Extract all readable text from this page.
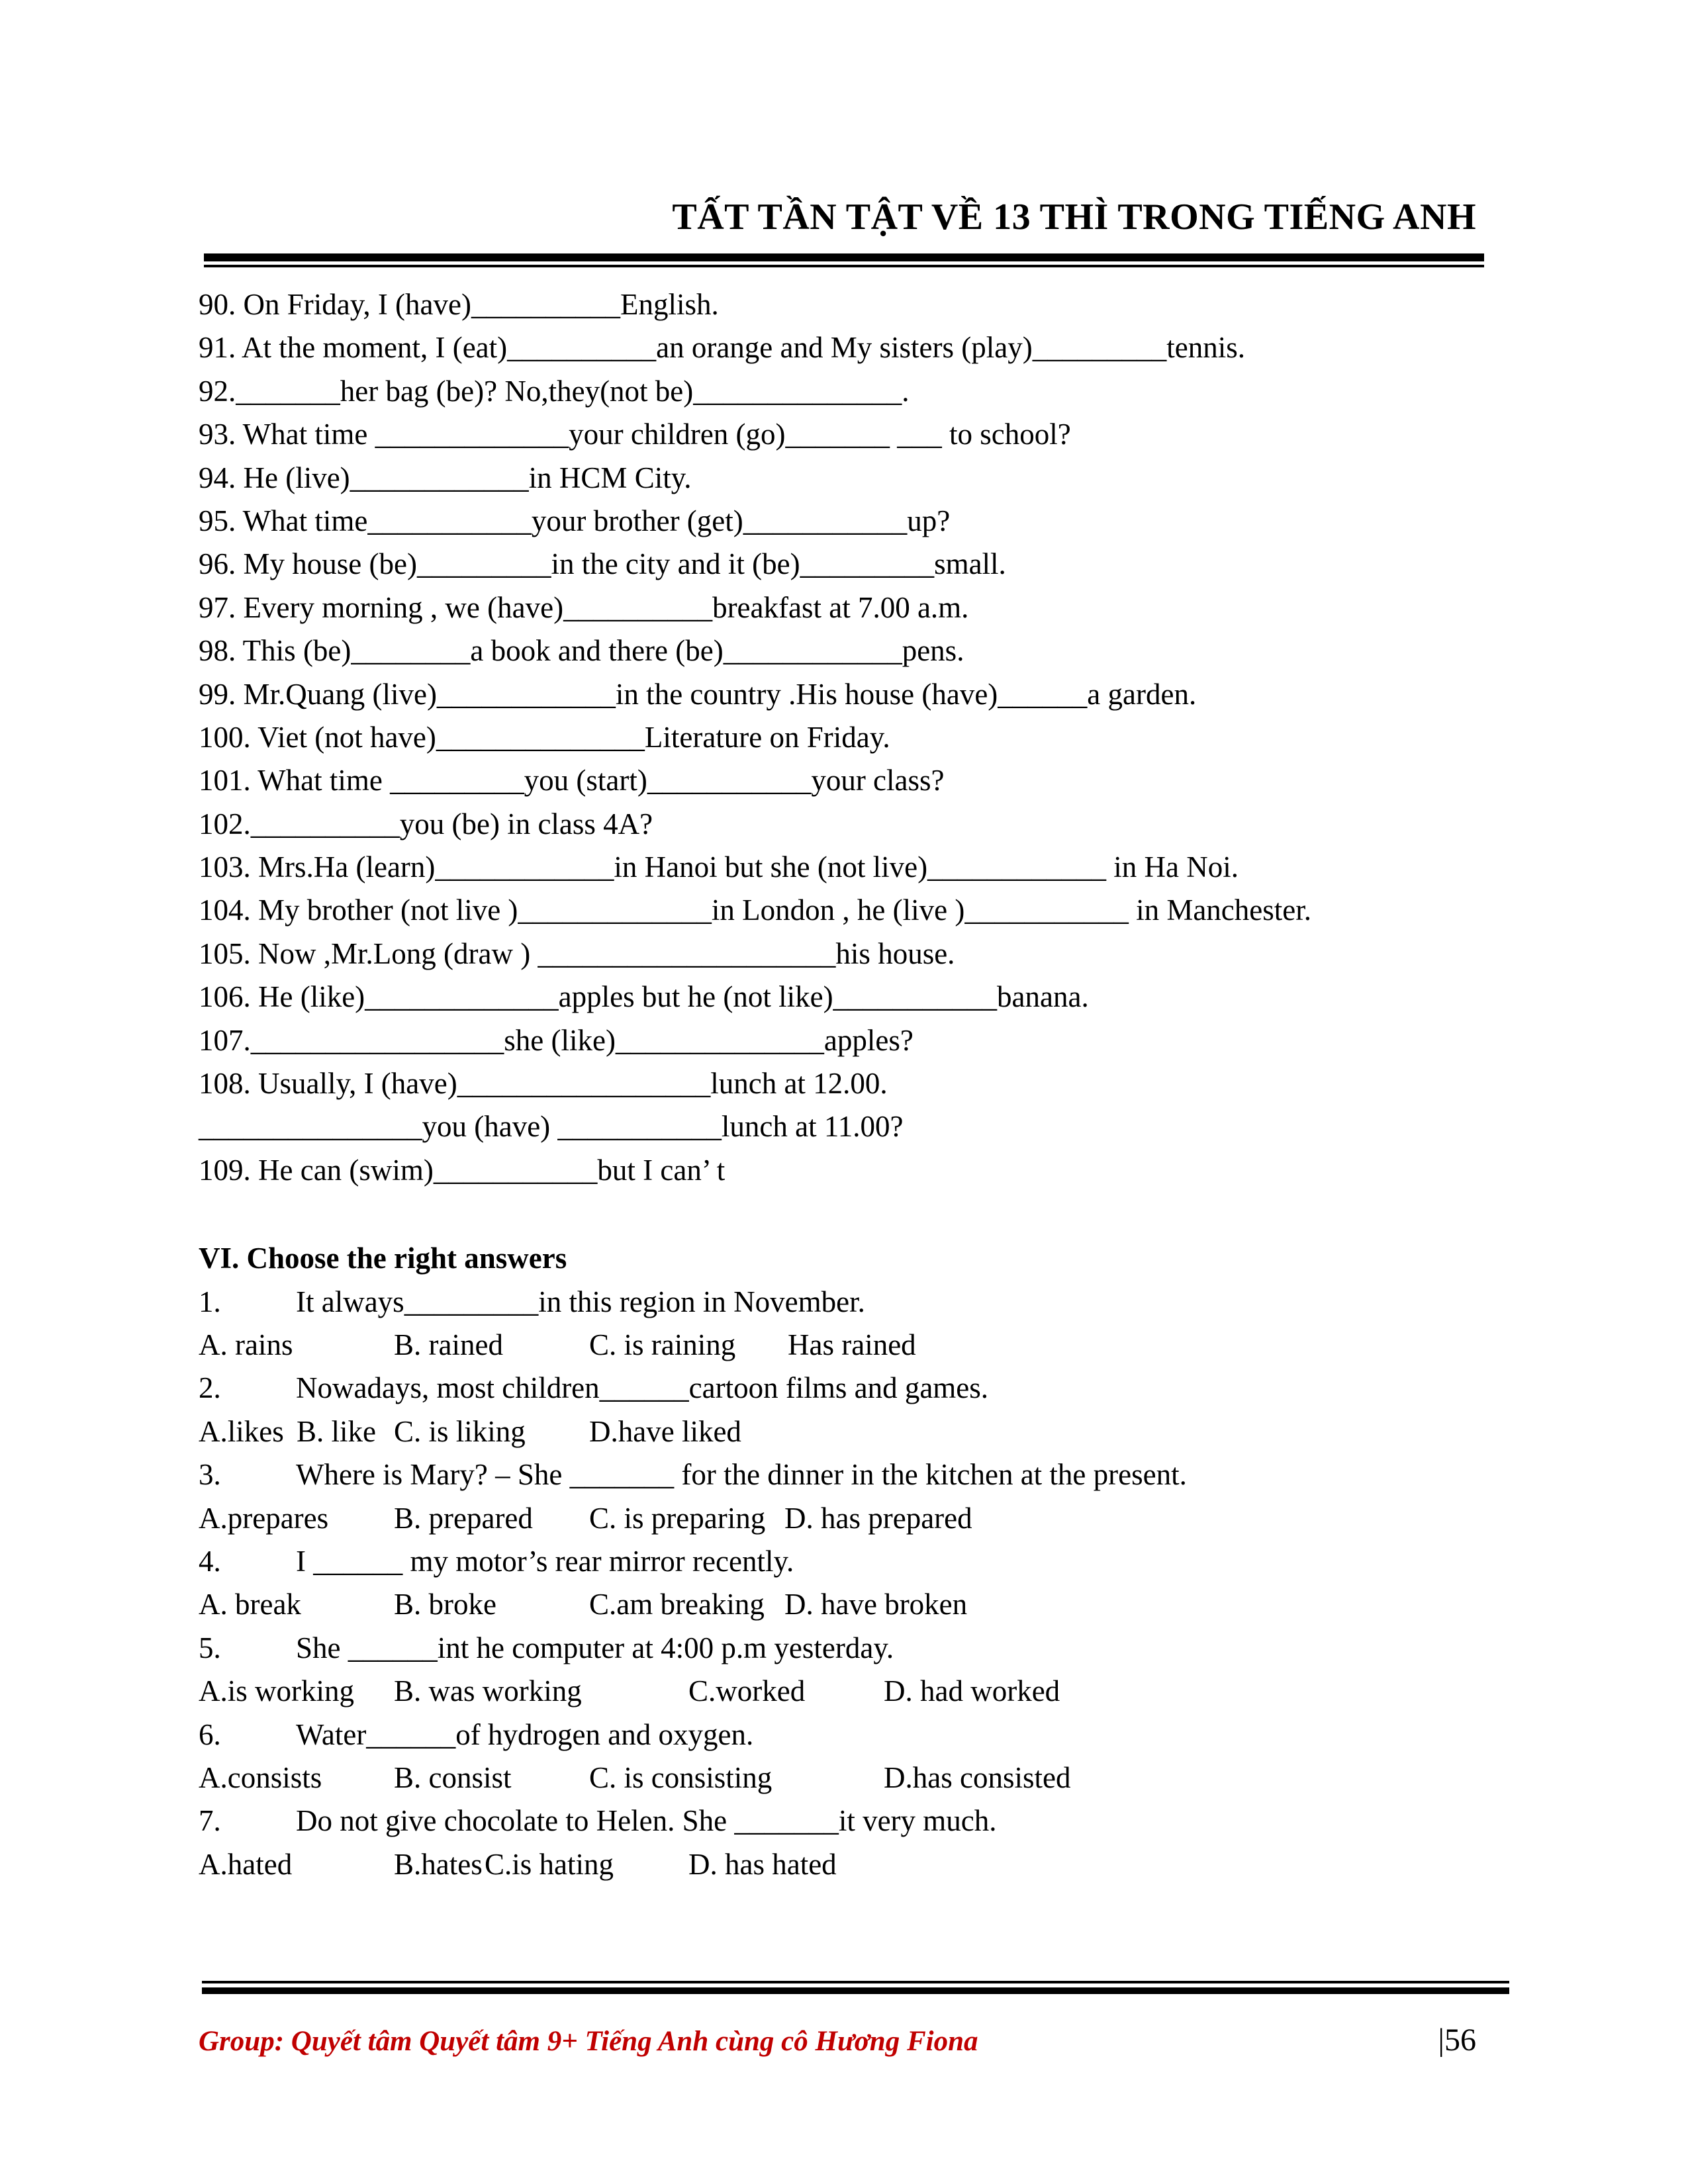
TẤT TẦN TẬT VỀ 13 THÌ TRONG TIẾNG ANH
90. On Friday, I (have)__________English.
91. At the moment, I (eat)__________an orange and My sisters (play)_________tennis.
92._______her bag (be)? No,they(not be)______________.
93. What time _____________your children (go)_______ ___ to school?
94. He (live)____________in HCM City.
95. What time___________your brother (get)___________up?
96. My house (be)_________in the city and it (be)_________small.
97. Every morning , we (have)__________breakfast at 7.00 a.m.
98. This (be)________a book and there (be)____________pens.
99. Mr.Quang (live)____________in the country .His house (have)______a garden.
100. Viet (not have)______________Literature on Friday.
101. What time _________you (start)___________your class?
102.__________you (be) in class 4A?
103. Mrs.Ha (learn)____________in Hanoi but she (not live)____________ in Ha Noi.
104. My brother (not live )_____________in London , he (live )___________ in Manchester.
105. Now ,Mr.Long (draw ) ____________________his house.
106. He (like)_____________apples but he (not like)___________banana.
107._________________she (like)______________apples?
108. Usually, I (have)_________________lunch at 12.00.
_______________you (have) ___________lunch at 11.00?
109. He can (swim)___________but I can’ t
VI. Choose the right answers
1.	It always_________in this region in November.
A. rains	B. rained	C. is raining Has rained
2.	Nowadays, most children______cartoon films and games.
A.likes B. like C. is liking D.have liked
3.	Where is Mary? – She _______ for the dinner in the kitchen at the present.
A.prepares B. prepared C. is preparing D. has prepared
4.	I ______ my motor’s rear mirror recently.
A. break	B. broke	C.am breaking D. have broken
5.	She ______int he computer at 4:00 p.m yesterday.
A.is working B. was working	C.worked	D. had worked
6.	Water______of hydrogen and oxygen.
A.consists B. consist	C. is consisting	D.has consisted
7.	Do not give chocolate to Helen. She _______it very much.
A.hated	B.hates C.is hating	D. has hated
Group: Quyết tâm Quyết tâm 9+ Tiếng Anh cùng cô Hương Fiona	|56
